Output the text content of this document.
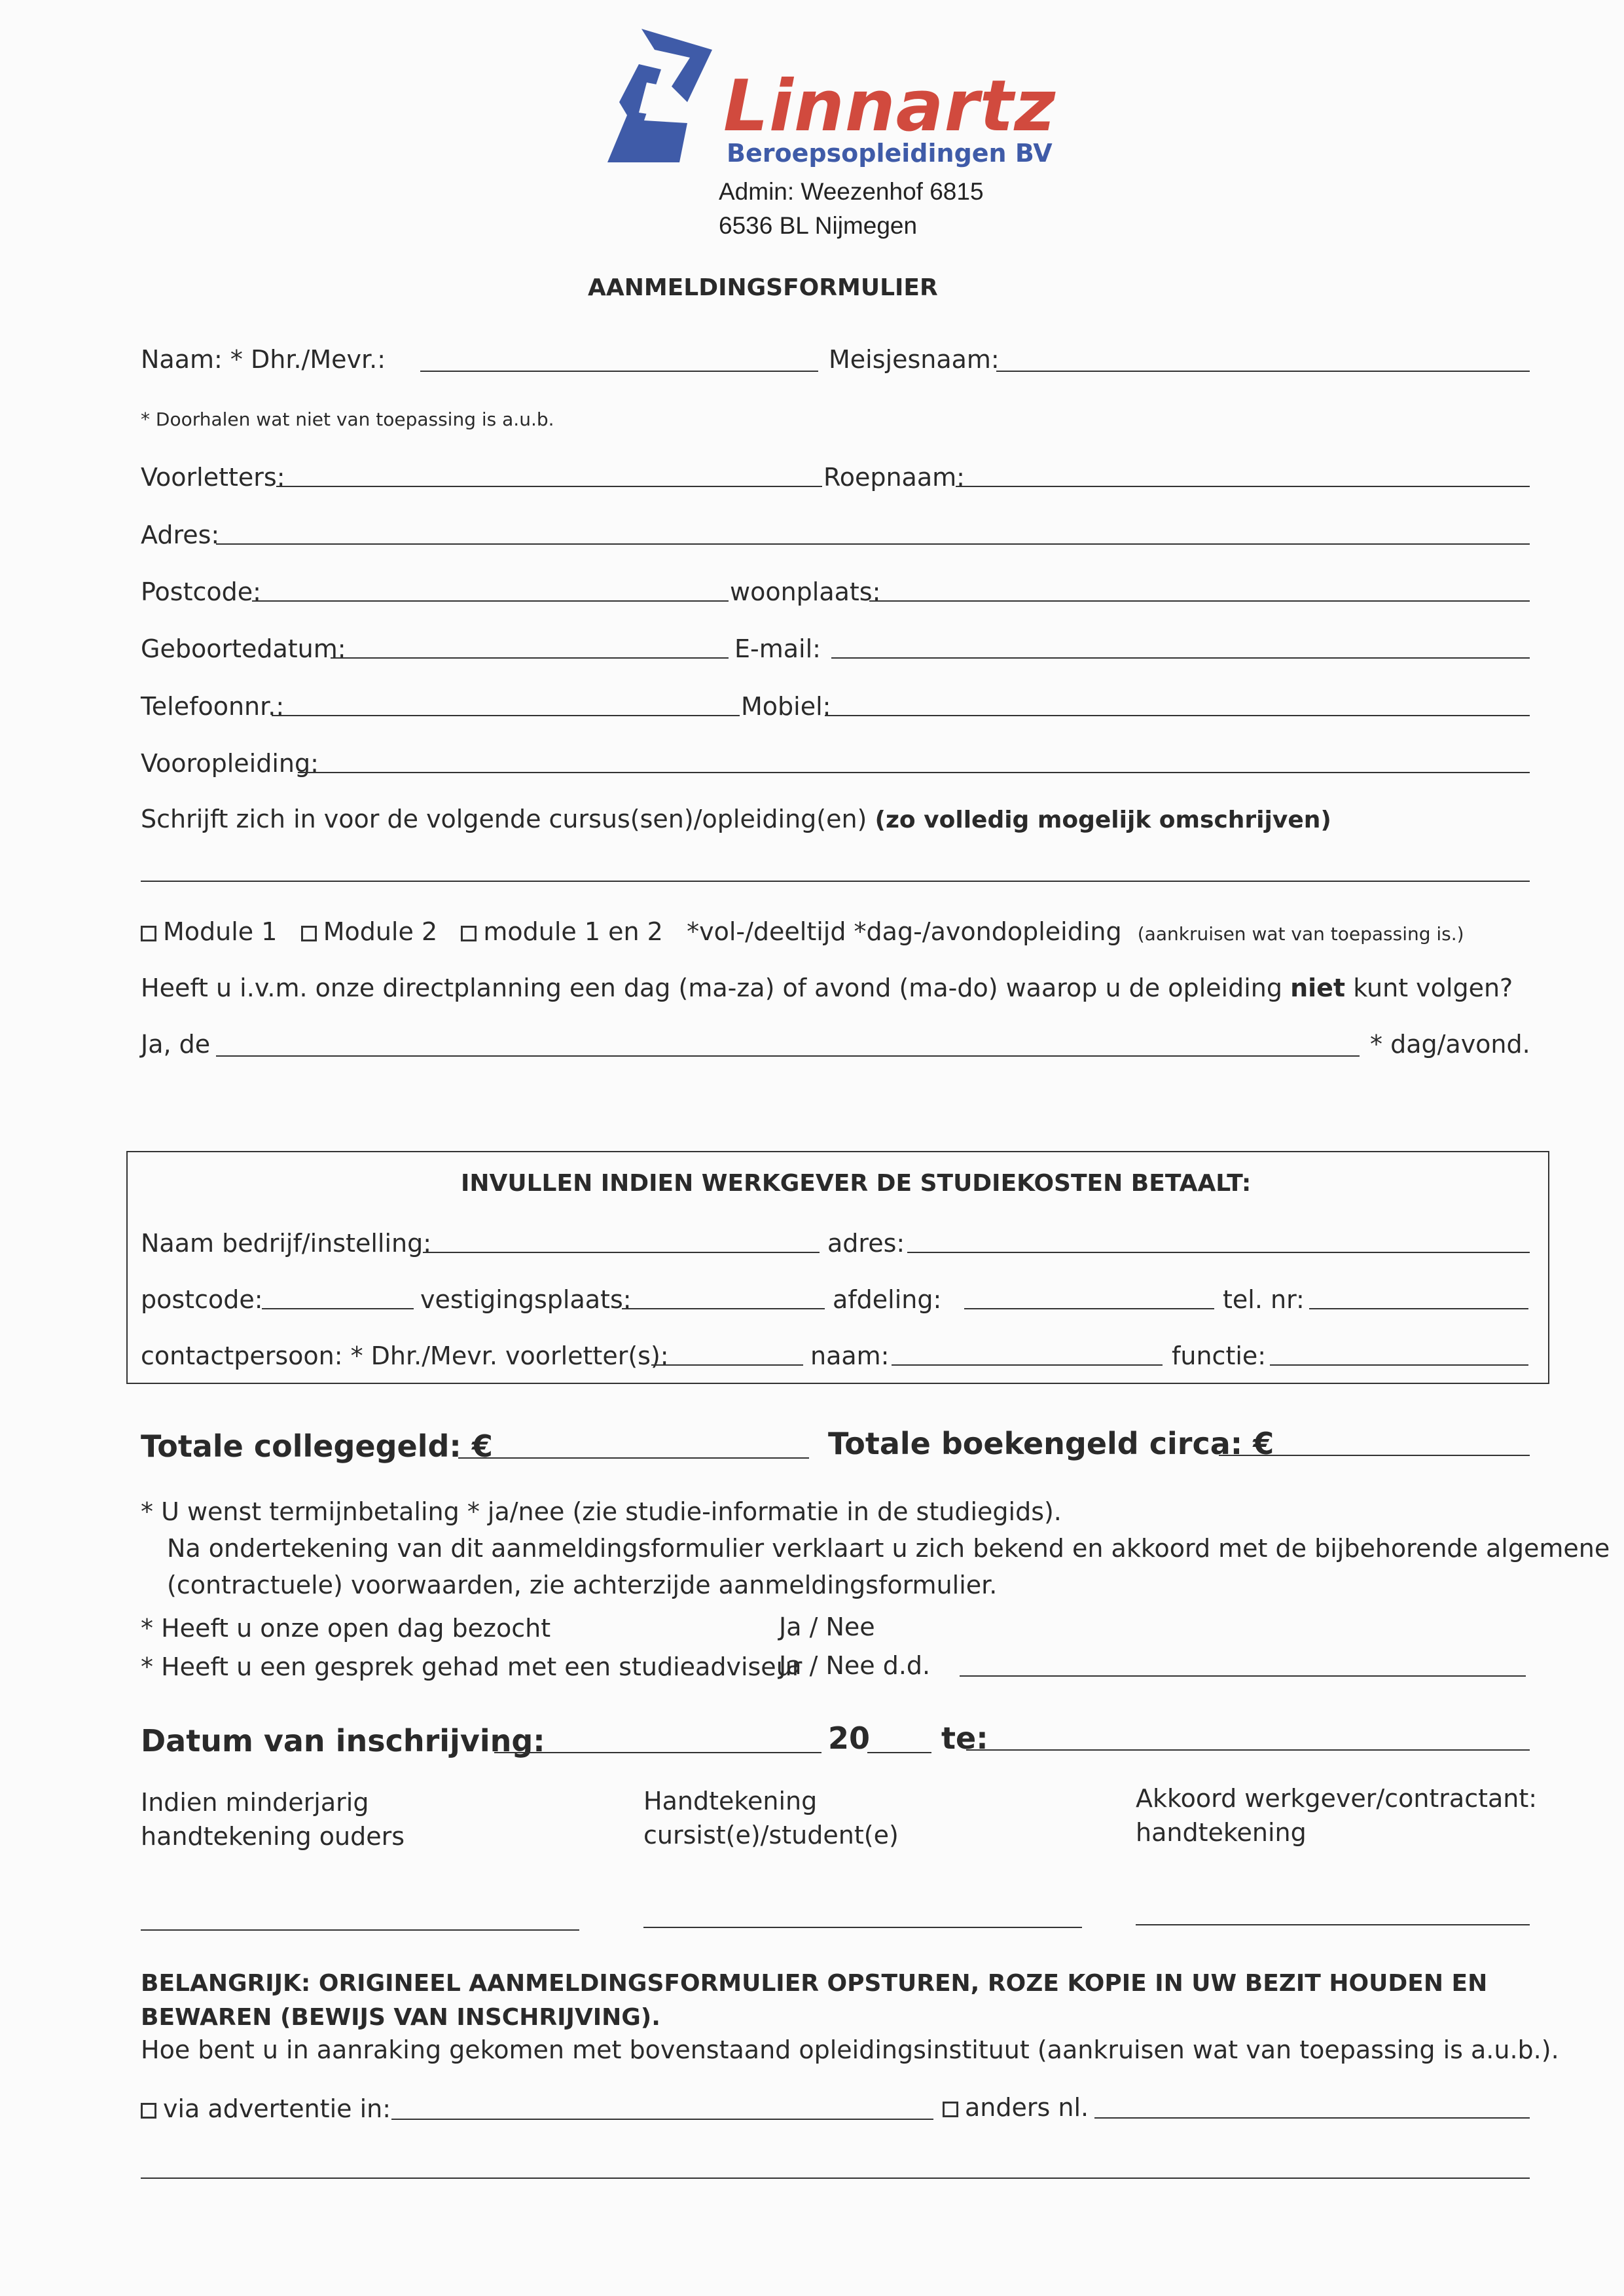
Linnartz
Beroepsopleidingen BV
Admin: Weezenhof 6815
6536 BL Nijmegen
AANMELDINGSFORMULIER
Naam: * Dhr./Mevr.:	Meisjesnaam:
* Doorhalen wat niet van toepassing is a.u.b.
Voorletters:	Roepnaam:
Adres:
Postcode:	woonplaats:
Geboortedatum:	E-mail:
Telefoonnr.:	Mobiel:
Vooropleiding:
Schrijft zich in voor de volgende cursus(sen)/opleiding(en) (zo volledig mogelijk omschrijven)
Module 1 Module 2 module 1 en 2 *vol-/deeltijd *dag-/avondopleiding (aankruisen wat van toepassing is.)
Heeft u i.v.m. onze directplanning een dag (ma-za) of avond (ma-do) waarop u de opleiding niet kunt volgen?
Ja, de	* dag/avond.
INVULLEN INDIEN WERKGEVER DE STUDIEKOSTEN BETAALT:
Naam bedrijf/instelling:	adres:
postcode:	vestigingsplaats:	afdeling:	tel. nr:
contactpersoon: * Dhr./Mevr. voorletter(s):	naam:	functie:
Totale collegegeld: €	Totale boekengeld circa: €
* U wenst termijnbetaling * ja/nee (zie studie-informatie in de studiegids).
Na ondertekening van dit aanmeldingsformulier verklaart u zich bekend en akkoord met de bijbehorende algemene
(contractuele) voorwaarden, zie achterzijde aanmeldingsformulier.
* Heeft u onze open dag bezocht	Ja / Nee
* Heeft u een gesprek gehad met een studieadviseur
Ja / Nee d.d.
Datum van inschrijving:	20 te:
Indien minderjarig
handtekening ouders
Handtekening
cursist(e)/student(e)
Akkoord werkgever/contractant:
handtekening
BELANGRIJK: ORIGINEEL AANMELDINGSFORMULIER OPSTUREN, ROZE KOPIE IN UW BEZIT HOUDEN EN
BEWAREN (BEWIJS VAN INSCHRIJVING).
Hoe bent u in aanraking gekomen met bovenstaand opleidingsinstituut (aankruisen wat van toepassing is a.u.b.).
via advertentie in:	anders nl.
